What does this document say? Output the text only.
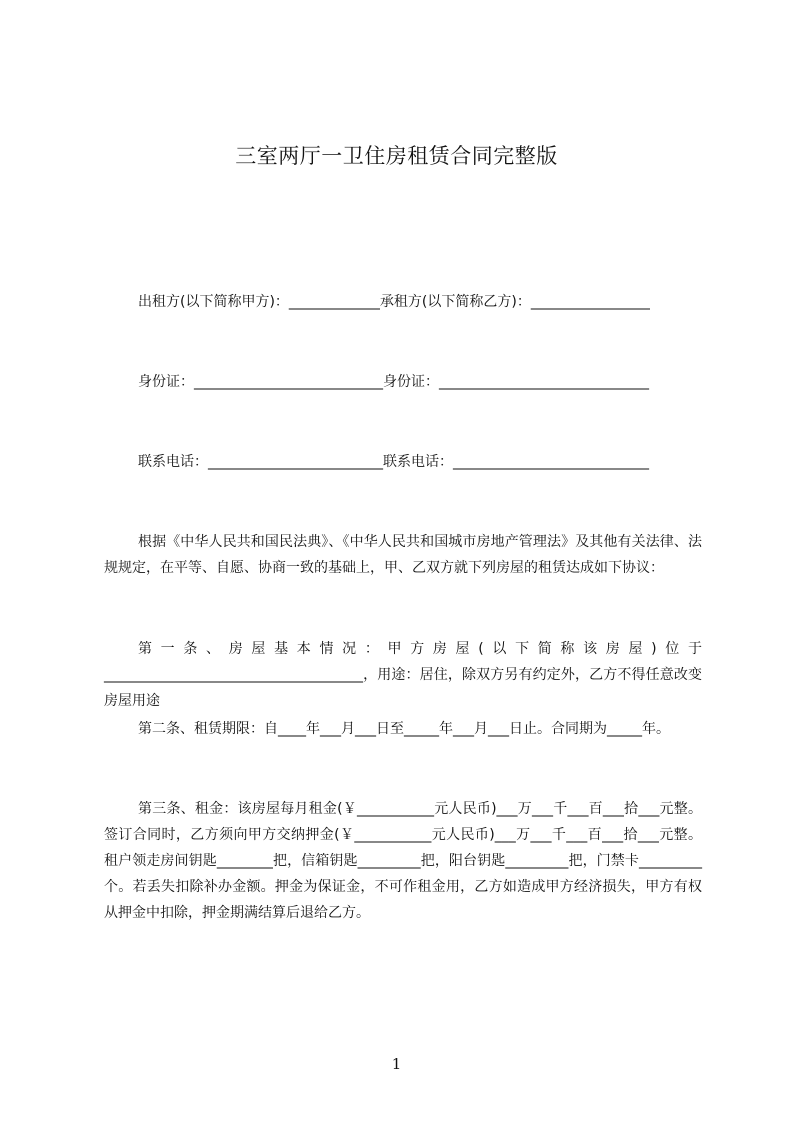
三室两厅一卫住房租赁合同完整版

出租方(以下简称甲方)：_____________承租方(以下简称乙方)：_________________

身份证：___________________________身份证：______________________________

联系电话：_________________________联系电话：____________________________

根据《中华人民共和国民法典》、《中华人民共和国城市房地产管理法》及其他有关法律、法规规定，在平等、自愿、协商一致的基础上，甲、乙双方就下列房屋的租赁达成如下协议：

第一条、房屋基本情况：甲方房屋(以下简称该房屋)位于_____________________________________，用途：居住，除双方另有约定外，乙方不得任意改变房屋用途

第二条、租赁期限：自____年___月___日至_____年___月___日止。合同期为_____年。

第三条、租金：该房屋每月租金(￥___________元人民币)___万___千___百___拾___元整。签订合同时，乙方须向甲方交纳押金(￥___________元人民币)___万___千___百___拾___元整。租户领走房间钥匙________把，信箱钥匙_________把，阳台钥匙_________把，门禁卡_________个。若丢失扣除补办金额。押金为保证金，不可作租金用，乙方如造成甲方经济损失，甲方有权从押金中扣除，押金期满结算后退给乙方。

1
